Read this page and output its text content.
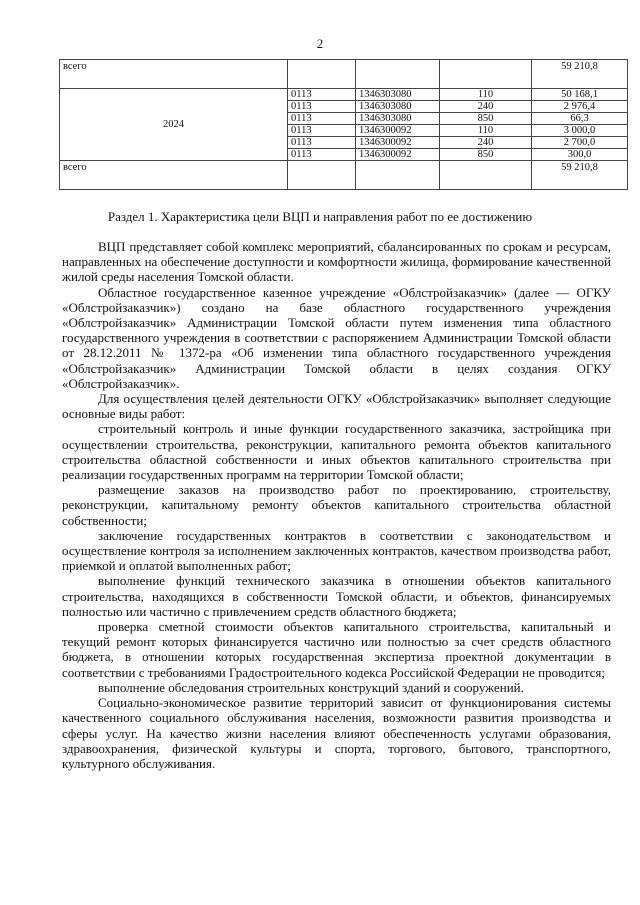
2
всего				59 210,8
2024	0113	1346303080	110	50 168,1
	0113	1346303080	240	2 976,4
	0113	1346303080	850	66,3
	0113	1346300092	110	3 000,0
	0113	1346300092	240	2 700,0
	0113	1346300092	850	300,0
всего				59 210,8
Раздел 1. Характеристика цели ВЦП и направления работ по ее достижению

ВЦП представляет собой комплекс мероприятий, сбалансированных по срокам и ресурсам, направленных на обеспечение доступности и комфортности жилища, формирование качественной жилой среды населения Томской области.

Областное государственное казенное учреждение «Облстройзаказчик» (далее — ОГКУ «Облстройзаказчик») создано на базе областного государственного учреждения «Облстройзаказчик» Администрации Томской области путем изменения типа областного государственного учреждения в соответствии с распоряжением Администрации Томской области от 28.12.2011 № 1372-ра «Об изменении типа областного государственного учреждения «Облстройзаказчик» Администрации Томской области в целях создания ОГКУ «Облстройзаказчик».

Для осуществления целей деятельности ОГКУ «Облстройзаказчик» выполняет следующие основные виды работ:

строительный контроль и иные функции государственного заказчика, застройщика при осуществлении строительства, реконструкции, капитального ремонта объектов капитального строительства областной собственности и иных объектов капитального строительства при реализации государственных программ на территории Томской области;

размещение заказов на производство работ по проектированию, строительству, реконструкции, капитальному ремонту объектов капитального строительства областной собственности;

заключение государственных контрактов в соответствии с законодательством и осуществление контроля за исполнением заключенных контрактов, качеством производства работ, приемкой и оплатой выполненных работ;

выполнение функций технического заказчика в отношении объектов капитального строительства, находящихся в собственности Томской области, и объектов, финансируемых полностью или частично с привлечением средств областного бюджета;

проверка сметной стоимости объектов капитального строительства, капитальный и текущий ремонт которых финансируется частично или полностью за счет средств областного бюджета, в отношении которых государственная экспертиза проектной документации в соответствии с требованиями Градостроительного кодекса Российской Федерации не проводится;

выполнение обследования строительных конструкций зданий и сооружений.

Социально-экономическое развитие территорий зависит от функционирования системы качественного социального обслуживания населения, возможности развития производства и сферы услуг. На качество жизни населения влияют обеспеченность услугами образования, здравоохранения, физической культуры и спорта, торгового, бытового, транспортного, культурного обслуживания.
